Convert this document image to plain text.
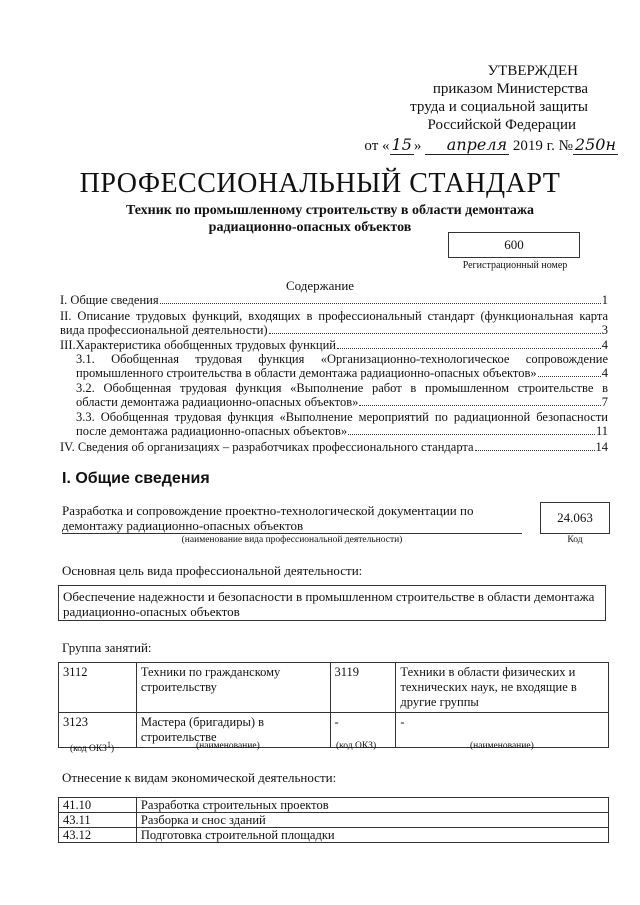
УТВЕРЖДЕН
приказом Министерства
труда и социальной защиты
Российской Федерации
от « 15 » апреля 2019 г. № 250н
ПРОФЕССИОНАЛЬНЫЙ СТАНДАРТ
Техник по промышленному строительству в области демонтажа
радиационно-опасных объектов
600
Регистрационный номер
Содержание
I. Общие сведения	1
II. Описание трудовых функций, входящих в профессиональный стандарт (функциональная карта
вида профессиональной деятельности)	3
III.Характеристика обобщенных трудовых функций	4
3.1. Обобщенная трудовая функция «Организационно-технологическое сопровождение
промышленного строительства в области демонтажа радиационно-опасных объектов»	4
3.2. Обобщенная трудовая функция «Выполнение работ в промышленном строительстве в
области демонтажа радиационно-опасных объектов»	7
3.3. Обобщенная трудовая функция «Выполнение мероприятий по радиационной безопасности
после демонтажа радиационно-опасных объектов»	11
IV. Сведения об организациях – разработчиках профессионального стандарта	14
I. Общие сведения
Разработка и сопровождение проектно-технологической документации по
демонтажу радиационно-опасных объектов
(наименование вида профессиональной деятельности)
24.063
Код
Основная цель вида профессиональной деятельности:
Обеспечение надежности и безопасности в промышленном строительстве в области демонтажа
радиационно-опасных объектов
Группа занятий:
3112	Техники по гражданскому строительству	3119	Техники в области физических и технических наук, не входящие в другие группы
3123	Мастера (бригадиры) в строительстве	-	-
(код ОКЗ$^1$)	(наименование)	(код ОКЗ)	(наименование)
Отнесение к видам экономической деятельности:
41.10	Разработка строительных проектов
43.11	Разборка и снос зданий
43.12	Подготовка строительной площадки
